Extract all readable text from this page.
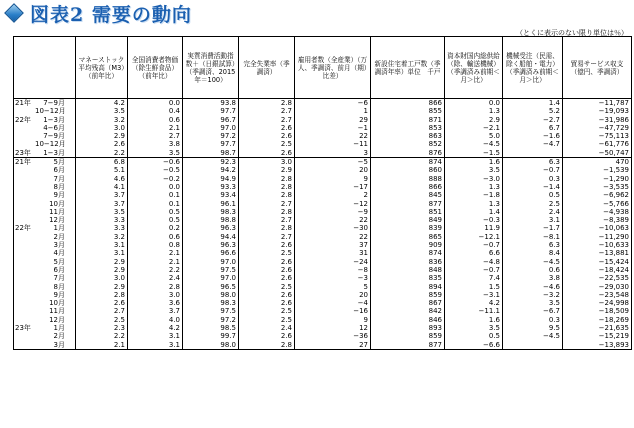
図表2 需要の動向
（とくに表示のない限り単位は％）
	マネーストック平均残高（M3）（前年比）	全国消費者物価（除生鮮食品）（前年比）	実質消費活動指数＋（日銀試算）（季調済、2015年＝100）	完全失業率（季調済）	雇用者数（全産業）（万人、季調済、前月（期）比差）	新設住宅着工戸数（季調済年率）単位　千戸	資本財国内総供給（除、輸送機械）（季調済み前期＜月＞比）	機械受注（民需、除く船舶・電力）（季調済み前期＜月＞比）	貿易サービス収支（億円、季調済）
21年 7−9月	4.2	0.0	93.8	2.8	−6	866	0.0	1.4	−11,787
10−12月	3.5	0.4	97.7	2.7	1	855	1.3	5.2	−19,093
22年 1−3月	3.2	0.6	96.7	2.7	29	871	2.9	−2.7	−31,986
4−6月	3.0	2.1	97.0	2.6	−1	853	−2.1	6.7	−47,729
7−9月	2.9	2.7	97.2	2.6	22	863	5.0	−1.6	−75,113
10−12月	2.6	3.8	97.7	2.5	−11	852	−4.5	−4.7	−61,776
23年 1−3月	2.2	3.5	98.7	2.6	3	876	−1.5		−50,747
21年 5月	6.8	−0.6	92.3	3.0	−5	874	1.6	6.3	470
6月	5.1	−0.5	94.2	2.9	20	860	3.5	−0.7	−1,539
7月	4.6	−0.2	94.9	2.8	9	888	−3.0	0.3	−1,290
8月	4.1	0.0	93.3	2.8	−17	866	1.3	−1.4	−3,535
9月	3.7	0.1	93.4	2.8	2	845	−1.8	0.5	−6,962
10月	3.7	0.1	96.1	2.7	−12	877	1.3	2.5	−5,766
11月	3.5	0.5	98.3	2.8	−9	851	1.4	2.4	−4,938
12月	3.3	0.5	98.8	2.7	22	849	−0.3	3.1	−8,389
22年 1月	3.3	0.2	96.3	2.8	−30	839	11.9	−1.7	−10,063
2月	3.2	0.6	94.4	2.7	22	865	−12.1	−8.1	−11,290
3月	3.1	0.8	96.3	2.6	37	909	−0.7	6.3	−10,633
4月	3.1	2.1	96.6	2.5	31	874	6.6	8.4	−13,881
5月	2.9	2.1	97.0	2.6	−24	836	−4.8	−4.5	−15,424
6月	2.9	2.2	97.5	2.6	−8	848	−0.7	0.6	−18,424
7月	3.0	2.4	97.0	2.6	−3	835	7.4	3.8	−22,535
8月	2.9	2.8	96.5	2.5	5	894	1.5	−4.6	−29,030
9月	2.8	3.0	98.0	2.6	20	859	−3.1	−3.2	−23,548
10月	2.6	3.6	98.3	2.6	−4	867	4.2	3.5	−24,998
11月	2.7	3.7	97.5	2.5	−16	842	−11.1	−6.7	−18,509
12月	2.5	4.0	97.2	2.5	9	846	1.6	0.3	−18,269
23年 1月	2.3	4.2	98.5	2.4	12	893	3.5	9.5	−21,635
2月	2.2	3.1	99.7	2.6	−36	859	0.5	−4.5	−15,219
3月	2.1	3.1	98.0	2.8	27	877	−6.6		−13,893
